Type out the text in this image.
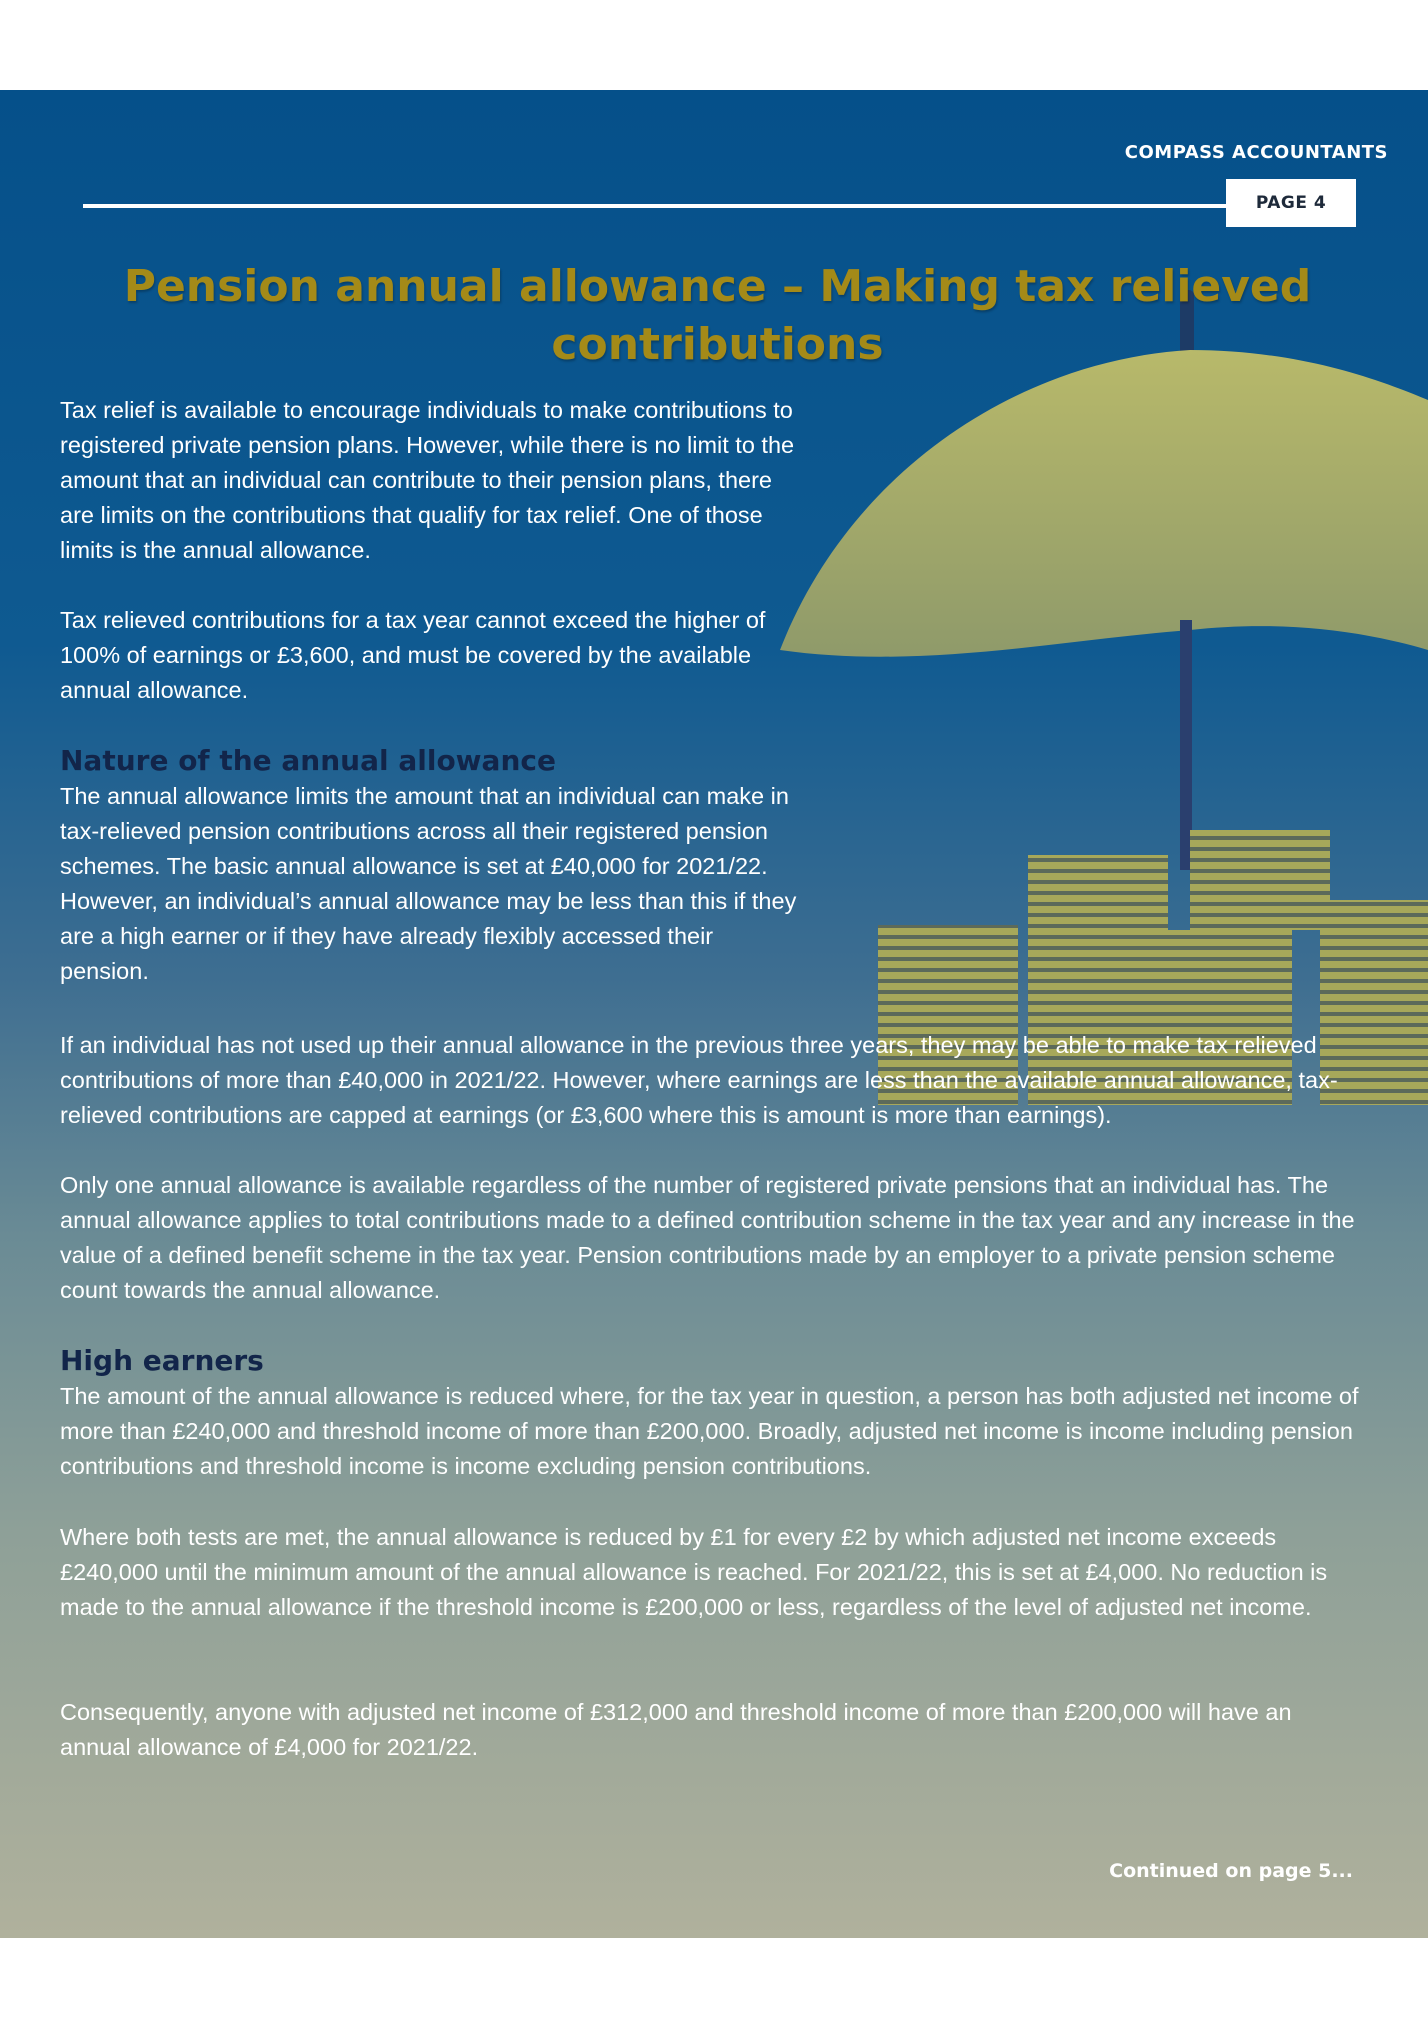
COMPASS ACCOUNTANTS
PAGE 4
Pension annual allowance – Making tax relieved contributions

Tax relief is available to encourage individuals to make contributions to registered private pension plans. However, while there is no limit to the amount that an individual can contribute to their pension plans, there are limits on the contributions that qualify for tax relief. One of those limits is the annual allowance.

Tax relieved contributions for a tax year cannot exceed the higher of 100% of earnings or £3,600, and must be covered by the available annual allowance.

Nature of the annual allowance

The annual allowance limits the amount that an individual can make in tax-relieved pension contributions across all their registered pension schemes. The basic annual allowance is set at £40,000 for 2021/22. However, an individual’s annual allowance may be less than this if they are a high earner or if they have already flexibly accessed their pension.

If an individual has not used up their annual allowance in the previous three years, they may be able to make tax relieved contributions of more than £40,000 in 2021/22. However, where earnings are less than the available annual allowance, tax-relieved contributions are capped at earnings (or £3,600 where this is amount is more than earnings).

Only one annual allowance is available regardless of the number of registered private pensions that an individual has. The annual allowance applies to total contributions made to a defined contribution scheme in the tax year and any increase in the value of a defined benefit scheme in the tax year. Pension contributions made by an employer to a private pension scheme count towards the annual allowance.

High earners

The amount of the annual allowance is reduced where, for the tax year in question, a person has both adjusted net income of more than £240,000 and threshold income of more than £200,000. Broadly, adjusted net income is income including pension contributions and threshold income is income excluding pension contributions.

Where both tests are met, the annual allowance is reduced by £1 for every £2 by which adjusted net income exceeds £240,000 until the minimum amount of the annual allowance is reached. For 2021/22, this is set at £4,000. No reduction is made to the annual allowance if the threshold income is £200,000 or less, regardless of the level of adjusted net income.

Consequently, anyone with adjusted net income of £312,000 and threshold income of more than £200,000 will have an annual allowance of £4,000 for 2021/22.

Continued on page 5...
